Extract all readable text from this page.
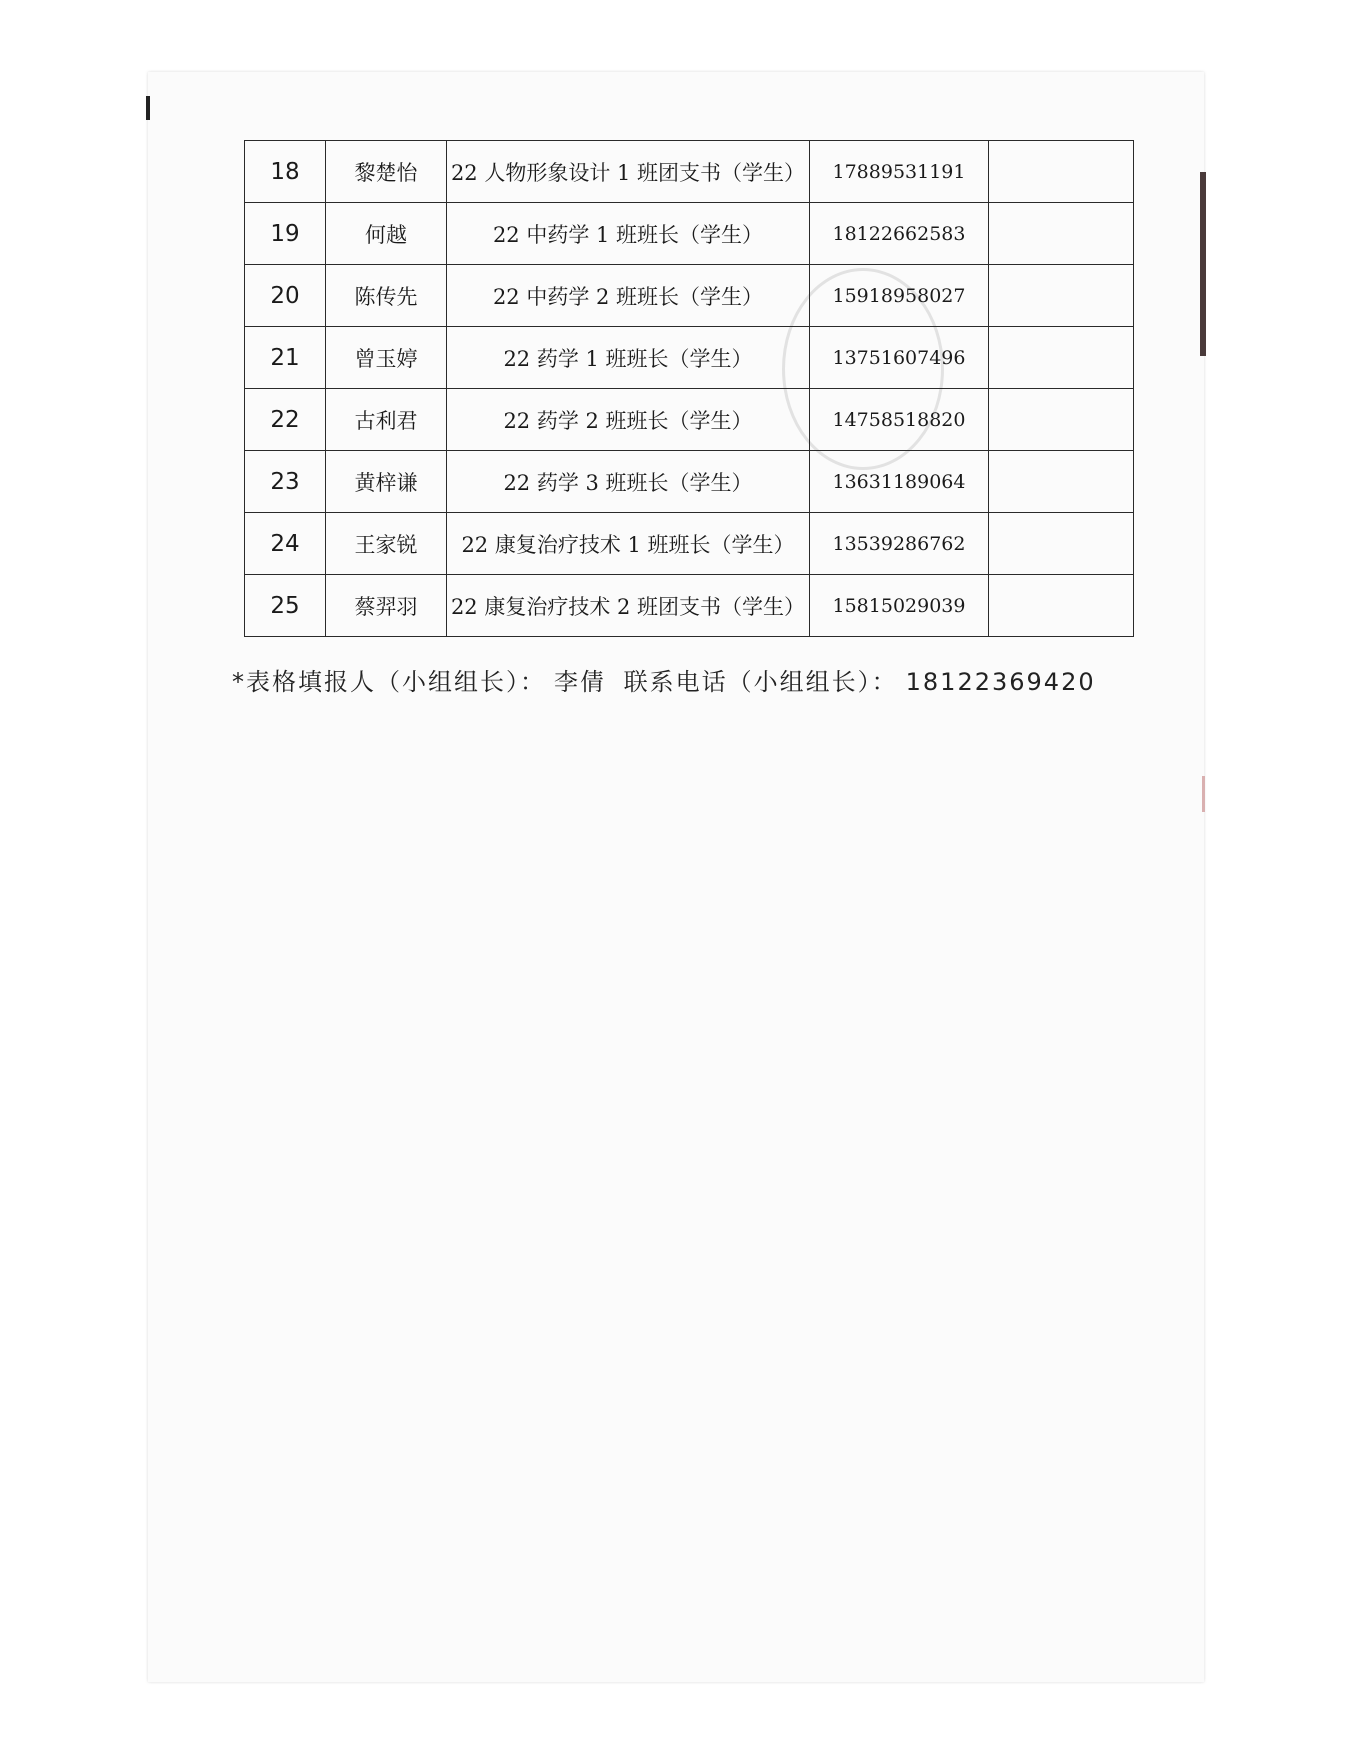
18	黎楚怡	22 人物形象设计 1 班团支书（学生）	17889531191	
19	何越	22 中药学 1 班班长（学生）	18122662583	
20	陈传先	22 中药学 2 班班长（学生）	15918958027	
21	曾玉婷	22 药学 1 班班长（学生）	13751607496	
22	古利君	22 药学 2 班班长（学生）	14758518820	
23	黄梓谦	22 药学 3 班班长（学生）	13631189064	
24	王家锐	22 康复治疗技术 1 班班长（学生）	13539286762	
25	蔡羿羽	22 康复治疗技术 2 班团支书（学生）	15815029039	
*表格填报人（小组组长）： 李倩 联系电话（小组组长）： 18122369420
